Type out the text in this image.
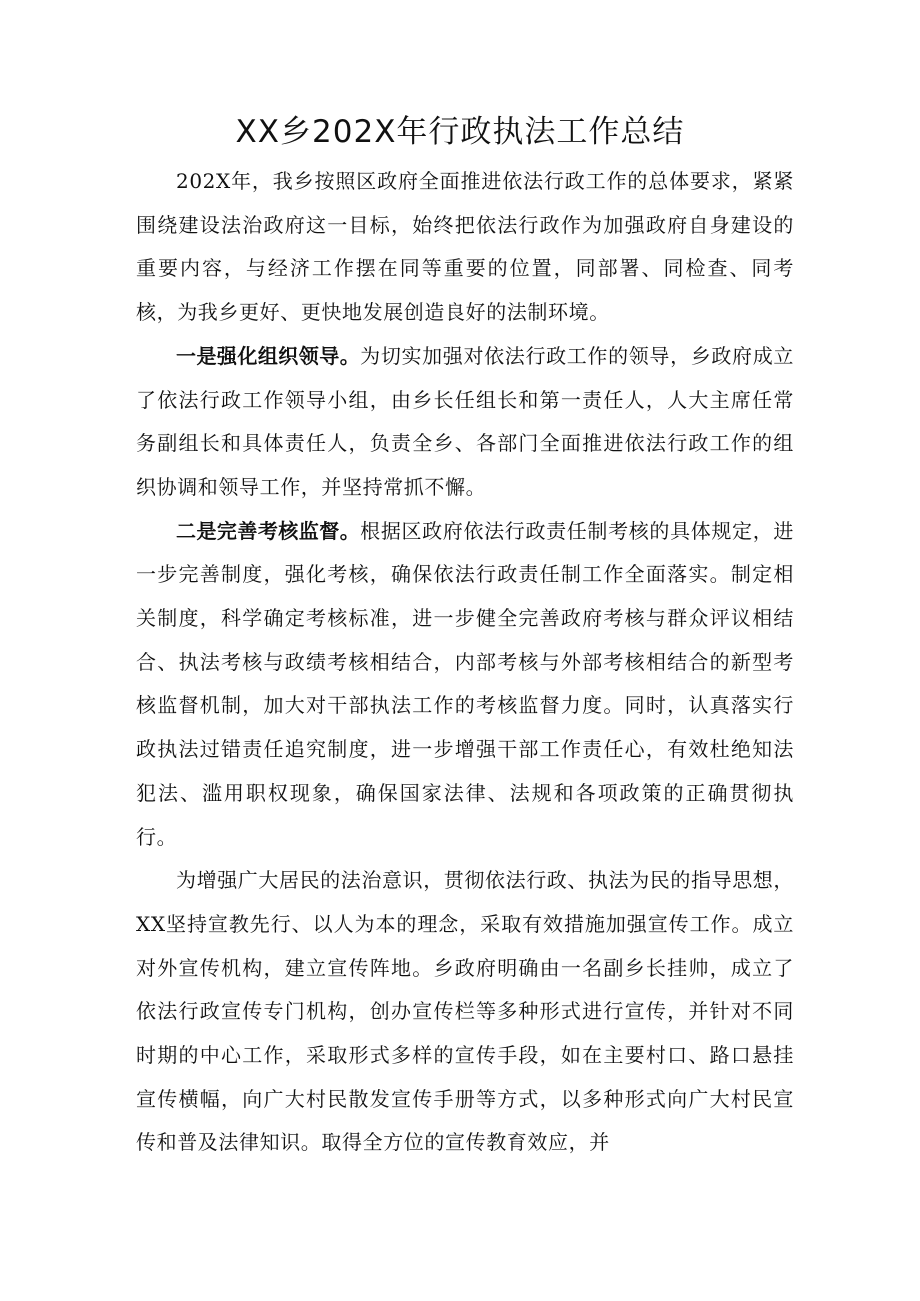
XX乡202X年行政执法工作总结

202X年，我乡按照区政府全面推进依法行政工作的总体要求，紧紧围绕建设法治政府这一目标，始终把依法行政作为加强政府自身建设的重要内容，与经济工作摆在同等重要的位置，同部署、同检查、同考核，为我乡更好、更快地发展创造良好的法制环境。

一是强化组织领导。为切实加强对依法行政工作的领导，乡政府成立了依法行政工作领导小组，由乡长任组长和第一责任人，人大主席任常务副组长和具体责任人，负责全乡、各部门全面推进依法行政工作的组织协调和领导工作，并坚持常抓不懈。

二是完善考核监督。根据区政府依法行政责任制考核的具体规定，进一步完善制度，强化考核，确保依法行政责任制工作全面落实。制定相关制度，科学确定考核标准，进一步健全完善政府考核与群众评议相结合、执法考核与政绩考核相结合，内部考核与外部考核相结合的新型考核监督机制，加大对干部执法工作的考核监督力度。同时，认真落实行政执法过错责任追究制度，进一步增强干部工作责任心，有效杜绝知法犯法、滥用职权现象，确保国家法律、法规和各项政策的正确贯彻执行。

为增强广大居民的法治意识，贯彻依法行政、执法为民的指导思想，XX坚持宣教先行、以人为本的理念，采取有效措施加强宣传工作。成立对外宣传机构，建立宣传阵地。乡政府明确由一名副乡长挂帅，成立了依法行政宣传专门机构，创办宣传栏等多种形式进行宣传，并针对不同时期的中心工作，采取形式多样的宣传手段，如在主要村口、路口悬挂宣传横幅，向广大村民散发宣传手册等方式，以多种形式向广大村民宣传和普及法律知识。取得全方位的宣传教育效应，并
